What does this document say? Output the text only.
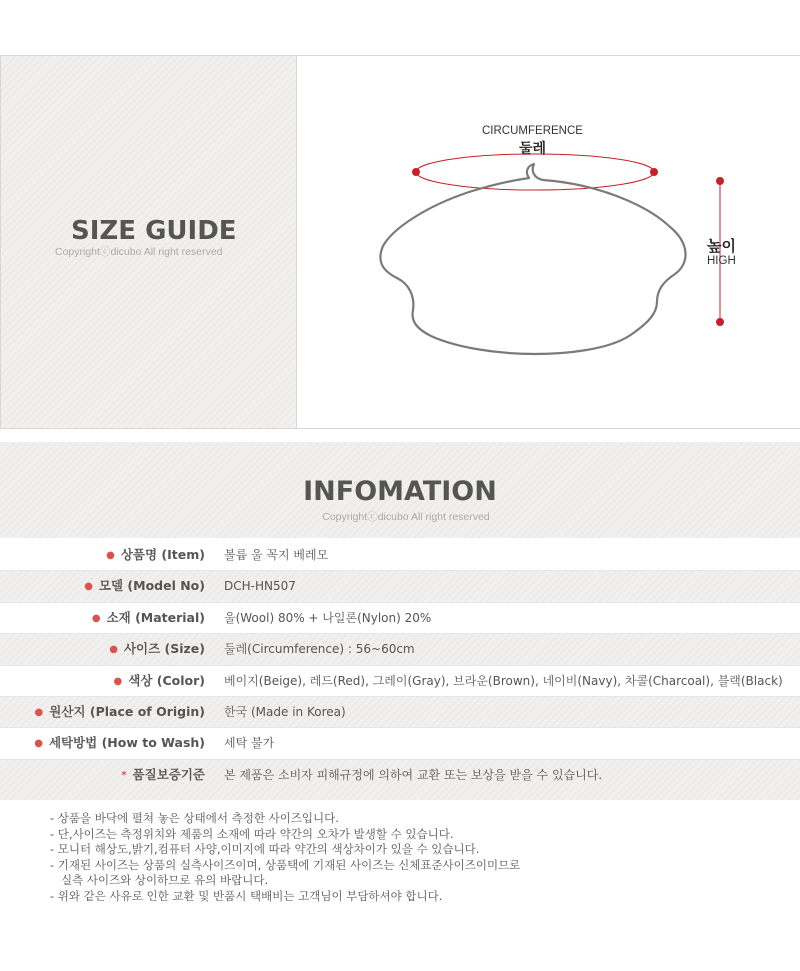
SIZE GUIDE
Copyrightⓒdicubo All right reserved
CIRCUMFERENCE
둘레
높이
HIGH
INFOMATION
Copyrightⓒdicubo All right reserved
● 상품명 (Item) 볼륨 울 꼭지 베레모
● 모델 (Model No) DCH-HN507
● 소재 (Material) 울(Wool) 80% + 나일론(Nylon) 20%
● 사이즈 (Size) 둘레(Circumference) : 56~60cm
● 색상 (Color) 베이지(Beige), 레드(Red), 그레이(Gray), 브라운(Brown), 네이비(Navy), 차콜(Charcoal), 블랙(Black)
● 원산지 (Place of Origin) 한국 (Made in Korea)
● 세탁방법 (How to Wash) 세탁 불가
* 품질보증기준 본 제품은 소비자 피해규정에 의하여 교환 또는 보상을 받을 수 있습니다.
- 상품을 바닥에 펼쳐 놓은 상태에서 측정한 사이즈입니다.
- 단,사이즈는 측정위치와 제품의 소재에 따라 약간의 오차가 발생할 수 있습니다.
- 모니터 해상도,밝기,컴퓨터 사양,이미지에 따라 약간의 색상차이가 있을 수 있습니다.
- 기재된 사이즈는 상품의 실측사이즈이며, 상품택에 기재된 사이즈는 신체표준사이즈이미므로
실측 사이즈와 상이하므로 유의 바랍니다.
- 위와 같은 사유로 인한 교환 및 반품시 택배비는 고객님이 부담하셔야 합니다.
